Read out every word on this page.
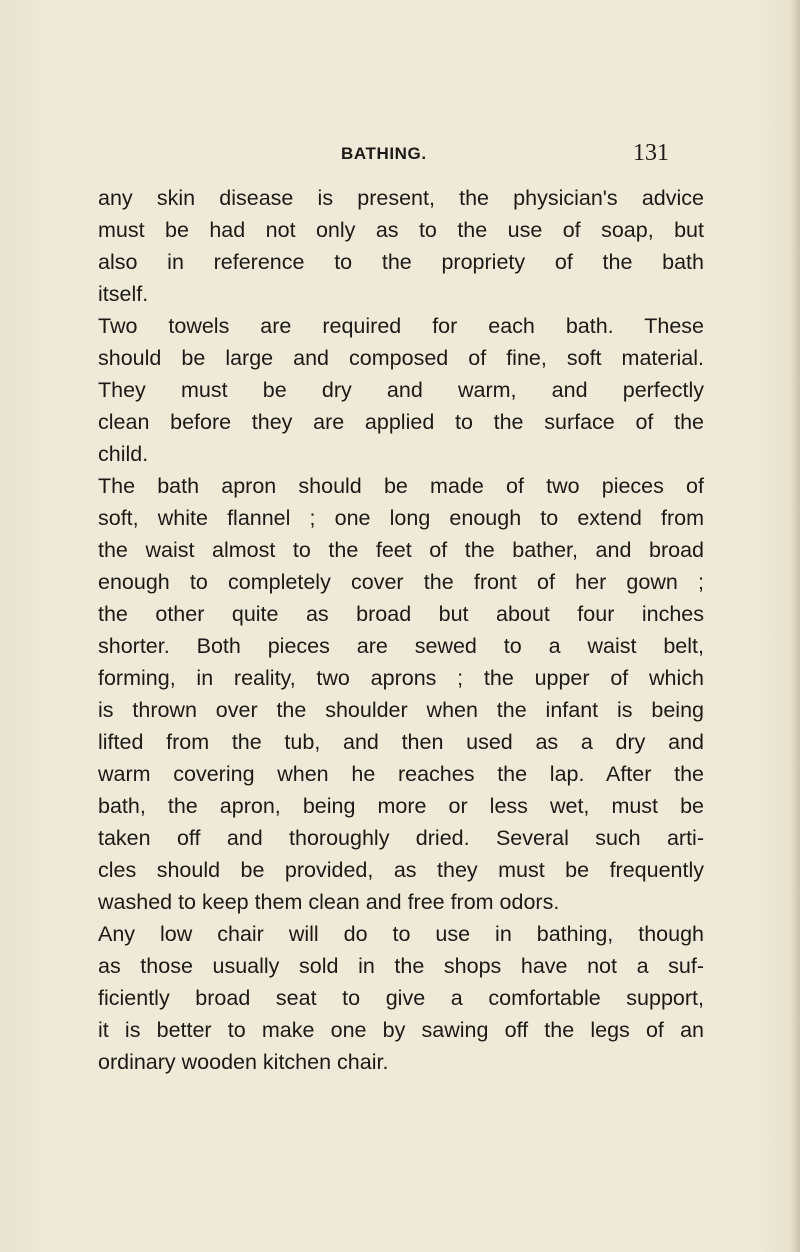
BATHING.	131
any skin disease is present, the physician's advice
must be had not only as to the use of soap, but
also in reference to the propriety of the bath
itself.
Two towels are required for each bath. These
should be large and composed of fine, soft material.
They must be dry and warm, and perfectly
clean before they are applied to the surface of the
child.
The bath apron should be made of two pieces of
soft, white flannel ; one long enough to extend from
the waist almost to the feet of the bather, and broad
enough to completely cover the front of her gown ;
the other quite as broad but about four inches
shorter. Both pieces are sewed to a waist belt,
forming, in reality, two aprons ; the upper of which
is thrown over the shoulder when the infant is being
lifted from the tub, and then used as a dry and
warm covering when he reaches the lap. After the
bath, the apron, being more or less wet, must be
taken off and thoroughly dried. Several such arti-
cles should be provided, as they must be frequently
washed to keep them clean and free from odors.
Any low chair will do to use in bathing, though
as those usually sold in the shops have not a suf-
ficiently broad seat to give a comfortable support,
it is better to make one by sawing off the legs of an
ordinary wooden kitchen chair.
